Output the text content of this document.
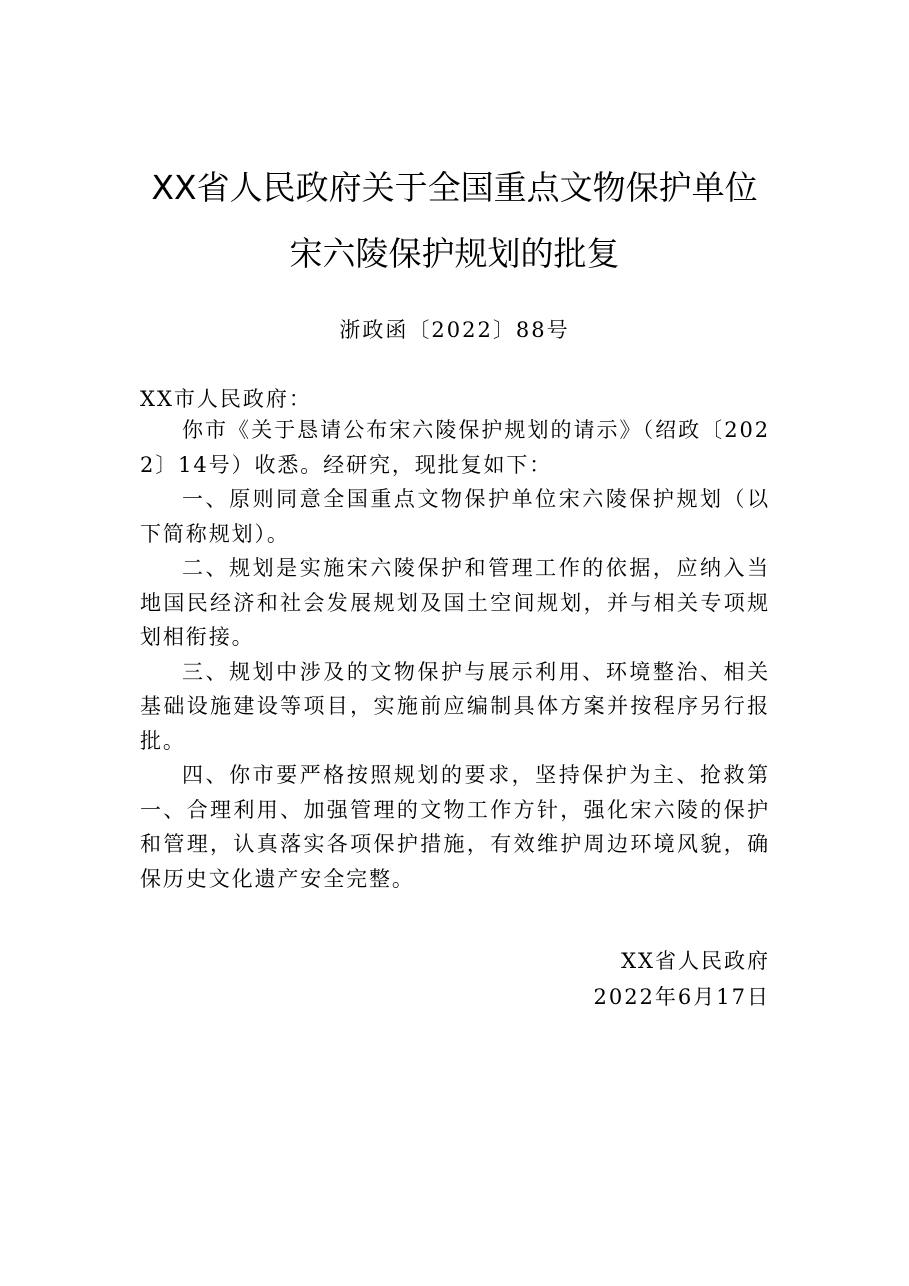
XX省人民政府关于全国重点文物保护单位
宋六陵保护规划的批复
浙政函〔2022〕88号
XX市人民政府：

你市《关于恳请公布宋六陵保护规划的请示》（绍政〔2022〕14号）收悉。经研究，现批复如下：

一、原则同意全国重点文物保护单位宋六陵保护规划（以下简称规划）。

二、规划是实施宋六陵保护和管理工作的依据，应纳入当地国民经济和社会发展规划及国土空间规划，并与相关专项规划相衔接。

三、规划中涉及的文物保护与展示利用、环境整治、相关基础设施建设等项目，实施前应编制具体方案并按程序另行报批。

四、你市要严格按照规划的要求，坚持保护为主、抢救第一、合理利用、加强管理的文物工作方针，强化宋六陵的保护和管理，认真落实各项保护措施，有效维护周边环境风貌，确保历史文化遗产安全完整。

XX省人民政府
2022年6月17日
